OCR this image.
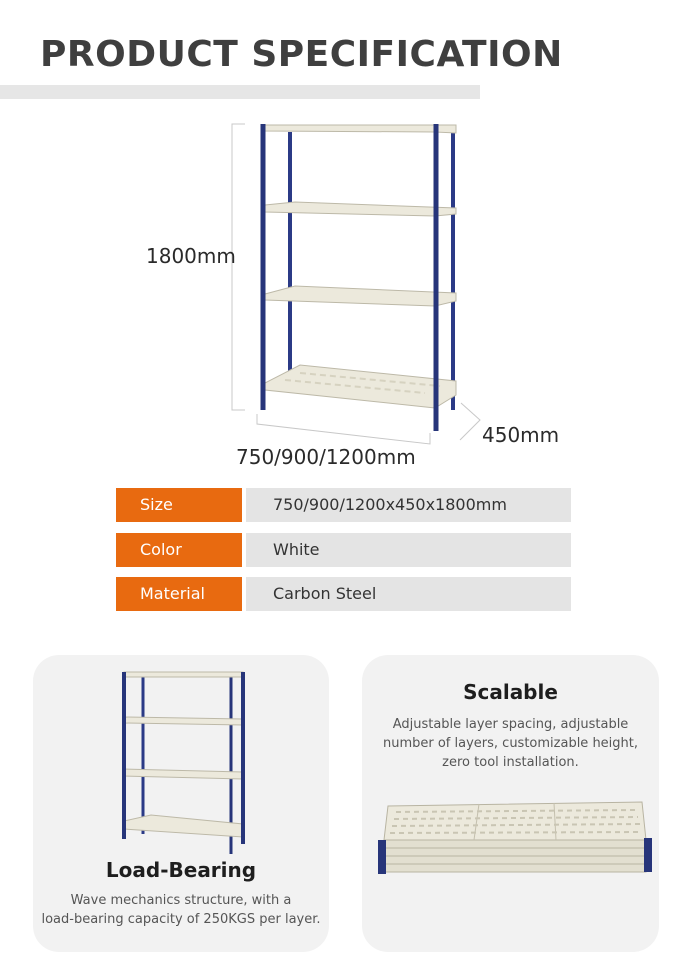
PRODUCT SPECIFICATION
1800mm
750/900/1200mm
450mm
Size	750/900/1200x450x1800mm
Color	White
Material	Carbon Steel
Load-Bearing
Wave mechanics structure, with a
load-bearing capacity of 250KGS per layer.
Scalable
Adjustable layer spacing, adjustable
number of layers, customizable height,
zero tool installation.
